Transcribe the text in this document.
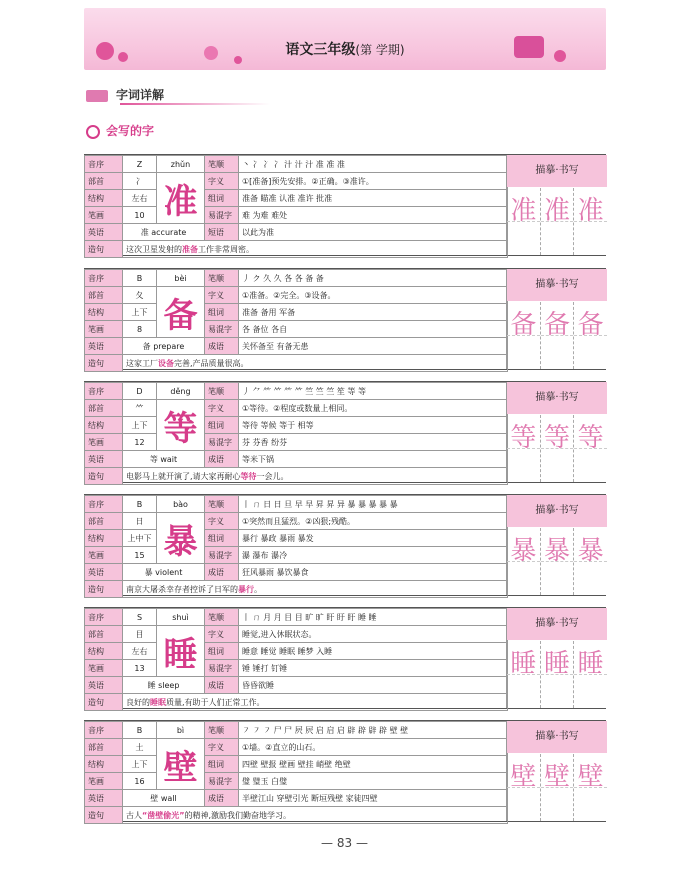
语文三年级(第 学期)
字词详解
会写的字
音序	Z	zhǔn	笔顺	丶 冫 冫 冫 汁 汁 汁 准 准 准
部首	冫	准	字义	①[准备]预先安排。②正确。③准许。
结构	左右		组词	准备 瞄准 认准 准许 批准
笔画	10		易混字	难 为难 难处
英语	准 accurate		短语	以此为准
造句	这次卫星发射的准备工作非常周密。			
描摹·书写
准 准 准
音序	B	bèi	笔顺	丿 ク 久 久 各 各 备 备
部首	夂	备	字义	①准备。②完全。③设备。
结构	上下		组词	准备 备用 军备
笔画	8		易混字	各 备位 各自
英语	备 prepare		成语	关怀备至 有备无患
造句	这家工厂设备完善,产品质量很高。			
描摹·书写
备 备 备
音序	D	děng	笔顺	丿 ⺈ ⺮ ⺮ ⺮ ⺮ 竺 竺 竺 笙 等 等
部首	⺮	等	字义	①等待。②程度或数量上相同。
结构	上下		组词	等待 等候 等于 相等
笔画	12		易混字	芬 芬香 纷芬
英语	等 wait		成语	等米下锅
造句	电影马上就开演了,请大家再耐心等待一会儿。			
描摹·书写
等 等 等
音序	B	bào	笔顺	丨 ㄇ 日 日 旦 早 早 昇 昇 异 暴 暴 暴 暴 暴
部首	日	暴	字义	①突然而且猛烈。②凶狠;残酷。
结构	上中下		组词	暴行 暴政 暴雨 暴发
笔画	15		易混字	瀑 瀑布 瀑冷
英语	暴 violent		成语	狂风暴雨 暴饮暴食
造句	南京大屠杀幸存者控诉了日军的暴行。			
描摹·书写
暴 暴 暴
音序	S	shuì	笔顺	丨 ㄇ 月 月 目 目 旷 旷 盱 盱 盱 睡 睡
部首	目	睡	字义	睡觉,进入休眠状态。
结构	左右		组词	睡意 睡觉 睡眠 睡梦 入睡
笔画	13		易混字	锤 锤打 钉锤
英语	睡 sleep		成语	昏昏欲睡
造句	良好的睡眠质量,有助于人们正常工作。			
描摹·书写
睡 睡 睡
音序	B	bì	笔顺	㇇ ㇇ ㇇ 尸 尸 屄 屄 启 启 启 辟 辟 辟 辟 壁 壁
部首	土	壁	字义	①墙。②直立的山石。
结构	上下		组词	四壁 壁报 壁画 壁挂 峭壁 绝壁
笔画	16		易混字	璧 璧玉 白璧
英语	壁 wall		成语	半壁江山 穿壁引光 断垣残壁 家徒四壁
造句	古人“凿壁偷光”的精神,激励我们勤奋地学习。			
描摹·书写
壁 壁 壁
— 83 —
